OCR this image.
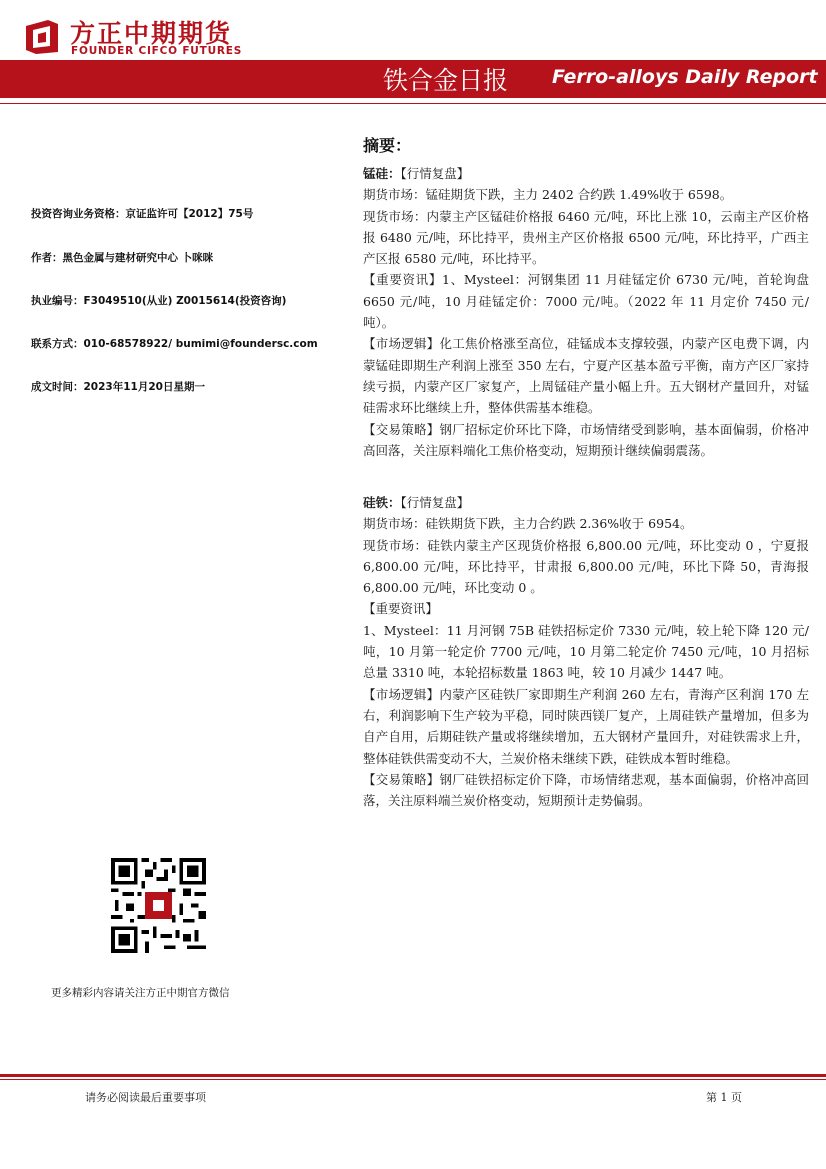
方正中期期货
FOUNDER CIFCO FUTURES
铁合金日报 Ferro-alloys Daily Report
投资咨询业务资格：京证监许可【2012】75号
作者：黑色金属与建材研究中心 卜咪咪
执业编号：F3049510(从业) Z0015614(投资咨询)
联系方式：010-68578922/ bumimi@foundersc.com
成文时间：2023年11月20日星期一
更多精彩内容请关注方正中期官方微信
摘要：

锰硅：【行情复盘】

期货市场：锰硅期货下跌，主力 2402 合约跌 1.49%收于 6598。

现货市场：内蒙主产区锰硅价格报 6460 元/吨，环比上涨 10，云南主产区价格报 6480 元/吨，环比持平，贵州主产区价格报 6500 元/吨，环比持平，广西主产区报 6580 元/吨，环比持平。

【重要资讯】1、Mysteel：河钢集团 11 月硅锰定价 6730 元/吨，首轮询盘 6650 元/吨，10 月硅锰定价：7000 元/吨。（2022 年 11 月定价 7450 元/吨）。

【市场逻辑】化工焦价格涨至高位，硅锰成本支撑较强，内蒙产区电费下调，内蒙锰硅即期生产利润上涨至 350 左右，宁夏产区基本盈亏平衡，南方产区厂家持续亏损，内蒙产区厂家复产，上周锰硅产量小幅上升。五大钢材产量回升，对锰硅需求环比继续上升，整体供需基本维稳。

【交易策略】钢厂招标定价环比下降，市场情绪受到影响，基本面偏弱，价格冲高回落，关注原料端化工焦价格变动，短期预计继续偏弱震荡。

硅铁：【行情复盘】

期货市场：硅铁期货下跌，主力合约跌 2.36%收于 6954。

现货市场：硅铁内蒙主产区现货价格报 6,800.00 元/吨，环比变动 0 ，宁夏报 6,800.00 元/吨，环比持平，甘肃报 6,800.00 元/吨，环比下降 50，青海报 6,800.00 元/吨，环比变动 0 。

【重要资讯】

1、Mysteel：11 月河钢 75B 硅铁招标定价 7330 元/吨，较上轮下降 120 元/吨，10 月第一轮定价 7700 元/吨，10 月第二轮定价 7450 元/吨，10 月招标总量 3310 吨，本轮招标数量 1863 吨，较 10 月减少 1447 吨。

【市场逻辑】内蒙产区硅铁厂家即期生产利润 260 左右，青海产区利润 170 左右，利润影响下生产较为平稳，同时陕西镁厂复产，上周硅铁产量增加，但多为自产自用，后期硅铁产量或将继续增加，五大钢材产量回升，对硅铁需求上升，整体硅铁供需变动不大，兰炭价格未继续下跌，硅铁成本暂时维稳。

【交易策略】钢厂硅铁招标定价下降，市场情绪悲观，基本面偏弱，价格冲高回落，关注原料端兰炭价格变动，短期预计走势偏弱。

请务必阅读最后重要事项	第 1 页
